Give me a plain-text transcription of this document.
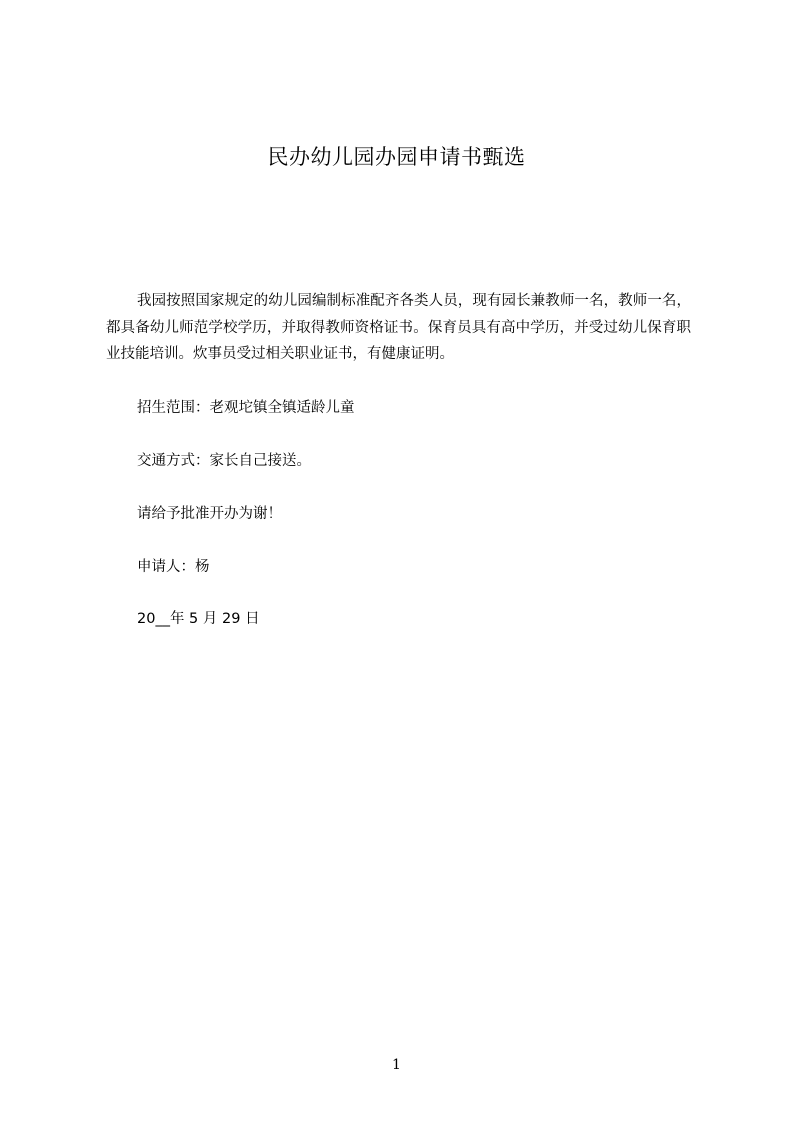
民办幼儿园办园申请书甄选

我园按照国家规定的幼儿园编制标准配齐各类人员，现有园长兼教师一名，教师一名，都具备幼儿师范学校学历，并取得教师资格证书。保育员具有高中学历，并受过幼儿保育职业技能培训。炊事员受过相关职业证书，有健康证明。

招生范围：老观坨镇全镇适龄儿童
交通方式：家长自己接送。
请给予批准开办为谢！
申请人：杨
20__年 5 月 29 日
1
